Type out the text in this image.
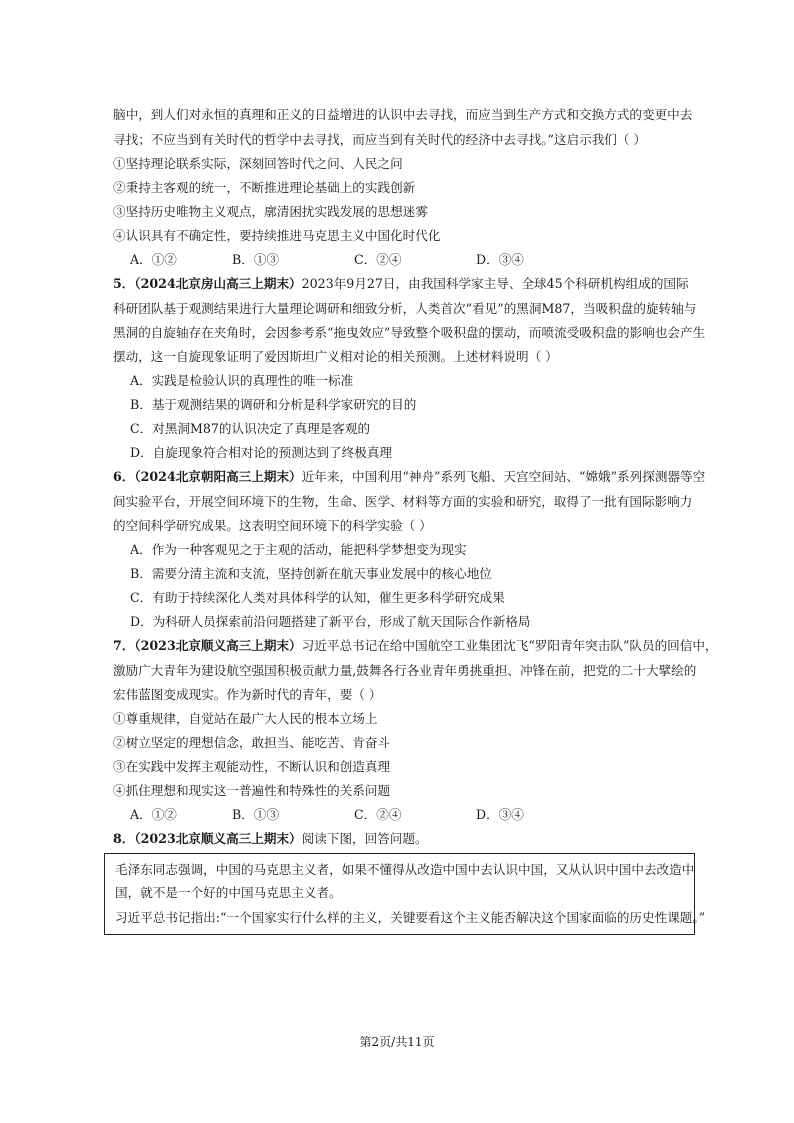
脑中，到人们对永恒的真理和正义的日益增进的认识中去寻找，而应当到生产方式和交换方式的变更中去
寻找；不应当到有关时代的哲学中去寻找，而应当到有关时代的经济中去寻找。”这启示我们（ ）
①坚持理论联系实际，深刻回答时代之问、人民之问
②秉持主客观的统一，不断推进理论基础上的实践创新
③坚持历史唯物主义观点，廓清困扰实践发展的思想迷雾
④认识具有不确定性，要持续推进马克思主义中国化时代化
A．①②	B．①③	C．②④	D．③④
5．（2024北京房山高三上期末）2023年9月27日，由我国科学家主导、全球45个科研机构组成的国际
科研团队基于观测结果进行大量理论调研和细致分析，人类首次“看见”的黑洞M87，当吸积盘的旋转轴与
黑洞的自旋轴存在夹角时，会因参考系“拖曳效应”导致整个吸积盘的摆动，而喷流受吸积盘的影响也会产生
摆动，这一自旋现象证明了爱因斯坦广义相对论的相关预测。上述材料说明（ ）
A．实践是检验认识的真理性的唯一标准
B．基于观测结果的调研和分析是科学家研究的目的
C．对黑洞M87的认识决定了真理是客观的
D．自旋现象符合相对论的预测达到了终极真理
6．（2024北京朝阳高三上期末）近年来，中国利用“神舟”系列飞船、天宫空间站、“嫦娥”系列探测器等空
间实验平台，开展空间环境下的生物，生命、医学、材料等方面的实验和研究，取得了一批有国际影响力
的空间科学研究成果。这表明空间环境下的科学实验（ ）
A．作为一种客观见之于主观的活动，能把科学梦想变为现实
B．需要分清主流和支流，坚持创新在航天事业发展中的核心地位
C．有助于持续深化人类对具体科学的认知，催生更多科学研究成果
D．为科研人员探索前沿问题搭建了新平台，形成了航天国际合作新格局
7．（2023北京顺义高三上期末）习近平总书记在给中国航空工业集团沈飞“罗阳青年突击队”队员的回信中，
激励广大青年为建设航空强国积极贡献力量,鼓舞各行各业青年勇挑重担、冲锋在前，把党的二十大擘绘的
宏伟蓝图变成现实。作为新时代的青年，要（ ）
①尊重规律，自觉站在最广大人民的根本立场上
②树立坚定的理想信念，敢担当、能吃苦、肯奋斗
③在实践中发挥主观能动性，不断认识和创造真理
④抓住理想和现实这一普遍性和特殊性的关系问题
A．①②	B．①③	C．②④	D．③④
8．（2023北京顺义高三上期末）阅读下图，回答问题。
毛泽东同志强调，中国的马克思主义者，如果不懂得从改造中国中去认识中国，又从认识中国中去改造中
国，就不是一个好的中国马克思主义者。
习近平总书记指出:“一个国家实行什么样的主义，关键要看这个主义能否解决这个国家面临的历史性课题。”
第2页/共11页
